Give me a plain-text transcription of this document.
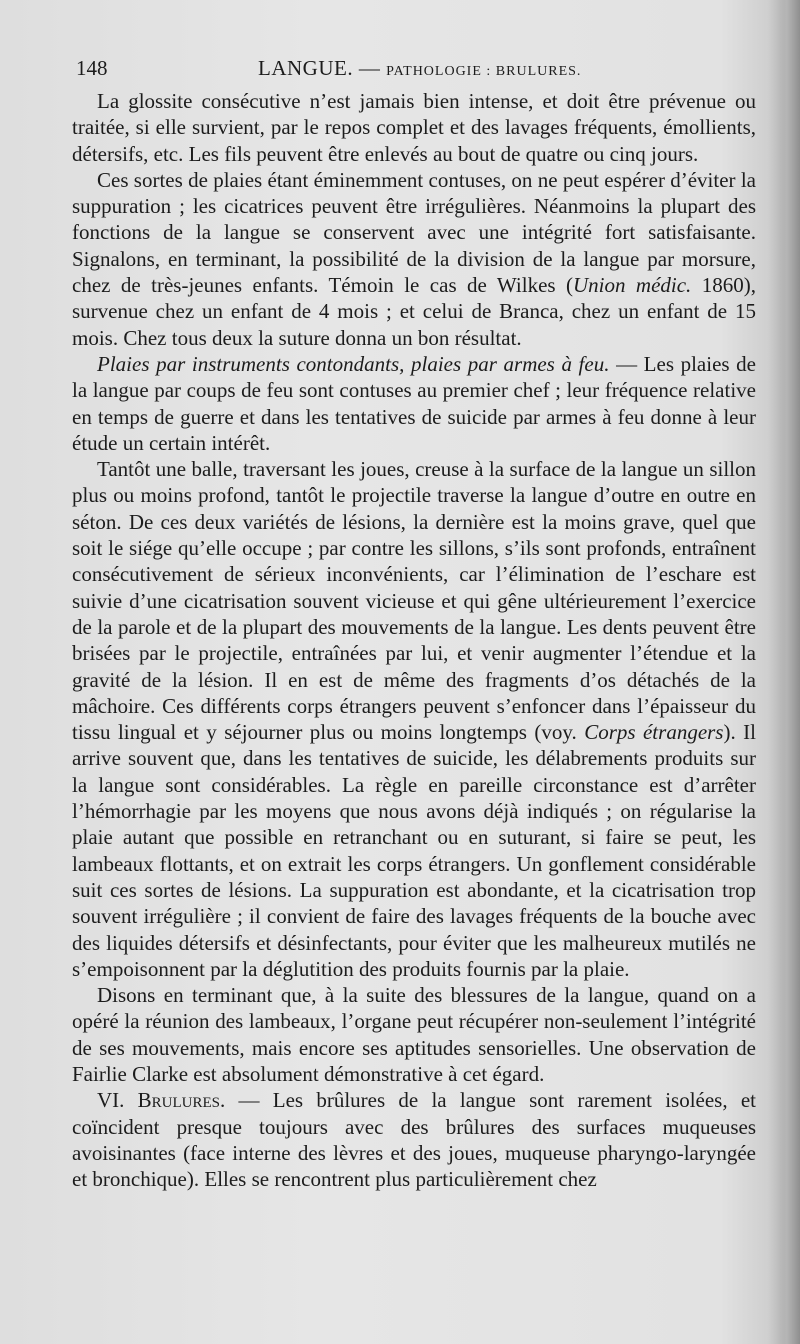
148	LANGUE. — PATHOLOGIE : BRULURES.

La glossite consécutive n’est jamais bien intense, et doit être prévenue ou traitée, si elle survient, par le repos complet et des lavages fréquents, émollients, détersifs, etc. Les fils peuvent être enlevés au bout de quatre ou cinq jours.

Ces sortes de plaies étant éminemment contuses, on ne peut espérer d’éviter la suppuration ; les cicatrices peuvent être irrégulières. Néanmoins la plupart des fonctions de la langue se conservent avec une intégrité fort satisfaisante. Signalons, en terminant, la possibilité de la division de la langue par morsure, chez de très-jeunes enfants. Témoin le cas de Wilkes (Union médic. 1860), survenue chez un enfant de 4 mois ; et celui de Branca, chez un enfant de 15 mois. Chez tous deux la suture donna un bon résultat.

Plaies par instruments contondants, plaies par armes à feu. — Les plaies de la langue par coups de feu sont contuses au premier chef ; leur fréquence relative en temps de guerre et dans les tentatives de suicide par armes à feu donne à leur étude un certain intérêt.

Tantôt une balle, traversant les joues, creuse à la surface de la langue un sillon plus ou moins profond, tantôt le projectile traverse la langue d’outre en outre en séton. De ces deux variétés de lésions, la dernière est la moins grave, quel que soit le siége qu’elle occupe ; par contre les sillons, s’ils sont profonds, entraînent consécutivement de sérieux inconvénients, car l’élimination de l’eschare est suivie d’une cicatrisation souvent vicieuse et qui gêne ultérieurement l’exercice de la parole et de la plupart des mouvements de la langue. Les dents peuvent être brisées par le projectile, entraînées par lui, et venir augmenter l’étendue et la gravité de la lésion. Il en est de même des fragments d’os détachés de la mâchoire. Ces différents corps étrangers peuvent s’enfoncer dans l’épaisseur du tissu lingual et y séjourner plus ou moins longtemps (voy. Corps étrangers). Il arrive souvent que, dans les tentatives de suicide, les délabrements produits sur la langue sont considérables. La règle en pareille circonstance est d’arrêter l’hémorrhagie par les moyens que nous avons déjà indiqués ; on régularise la plaie autant que possible en retranchant ou en suturant, si faire se peut, les lambeaux flottants, et on extrait les corps étrangers. Un gonflement considérable suit ces sortes de lésions. La suppuration est abondante, et la cicatrisation trop souvent irrégulière ; il convient de faire des lavages fréquents de la bouche avec des liquides détersifs et désinfectants, pour éviter que les malheureux mutilés ne s’empoisonnent par la déglutition des produits fournis par la plaie.

Disons en terminant que, à la suite des blessures de la langue, quand on a opéré la réunion des lambeaux, l’organe peut récupérer non-seulement l’intégrité de ses mouvements, mais encore ses aptitudes sensorielles. Une observation de Fairlie Clarke est absolument démonstrative à cet égard.

VI. Brulures. — Les brûlures de la langue sont rarement isolées, et coïncident presque toujours avec des brûlures des surfaces muqueuses avoisinantes (face interne des lèvres et des joues, muqueuse pharyngo-laryngée et bronchique). Elles se rencontrent plus particulièrement chez
